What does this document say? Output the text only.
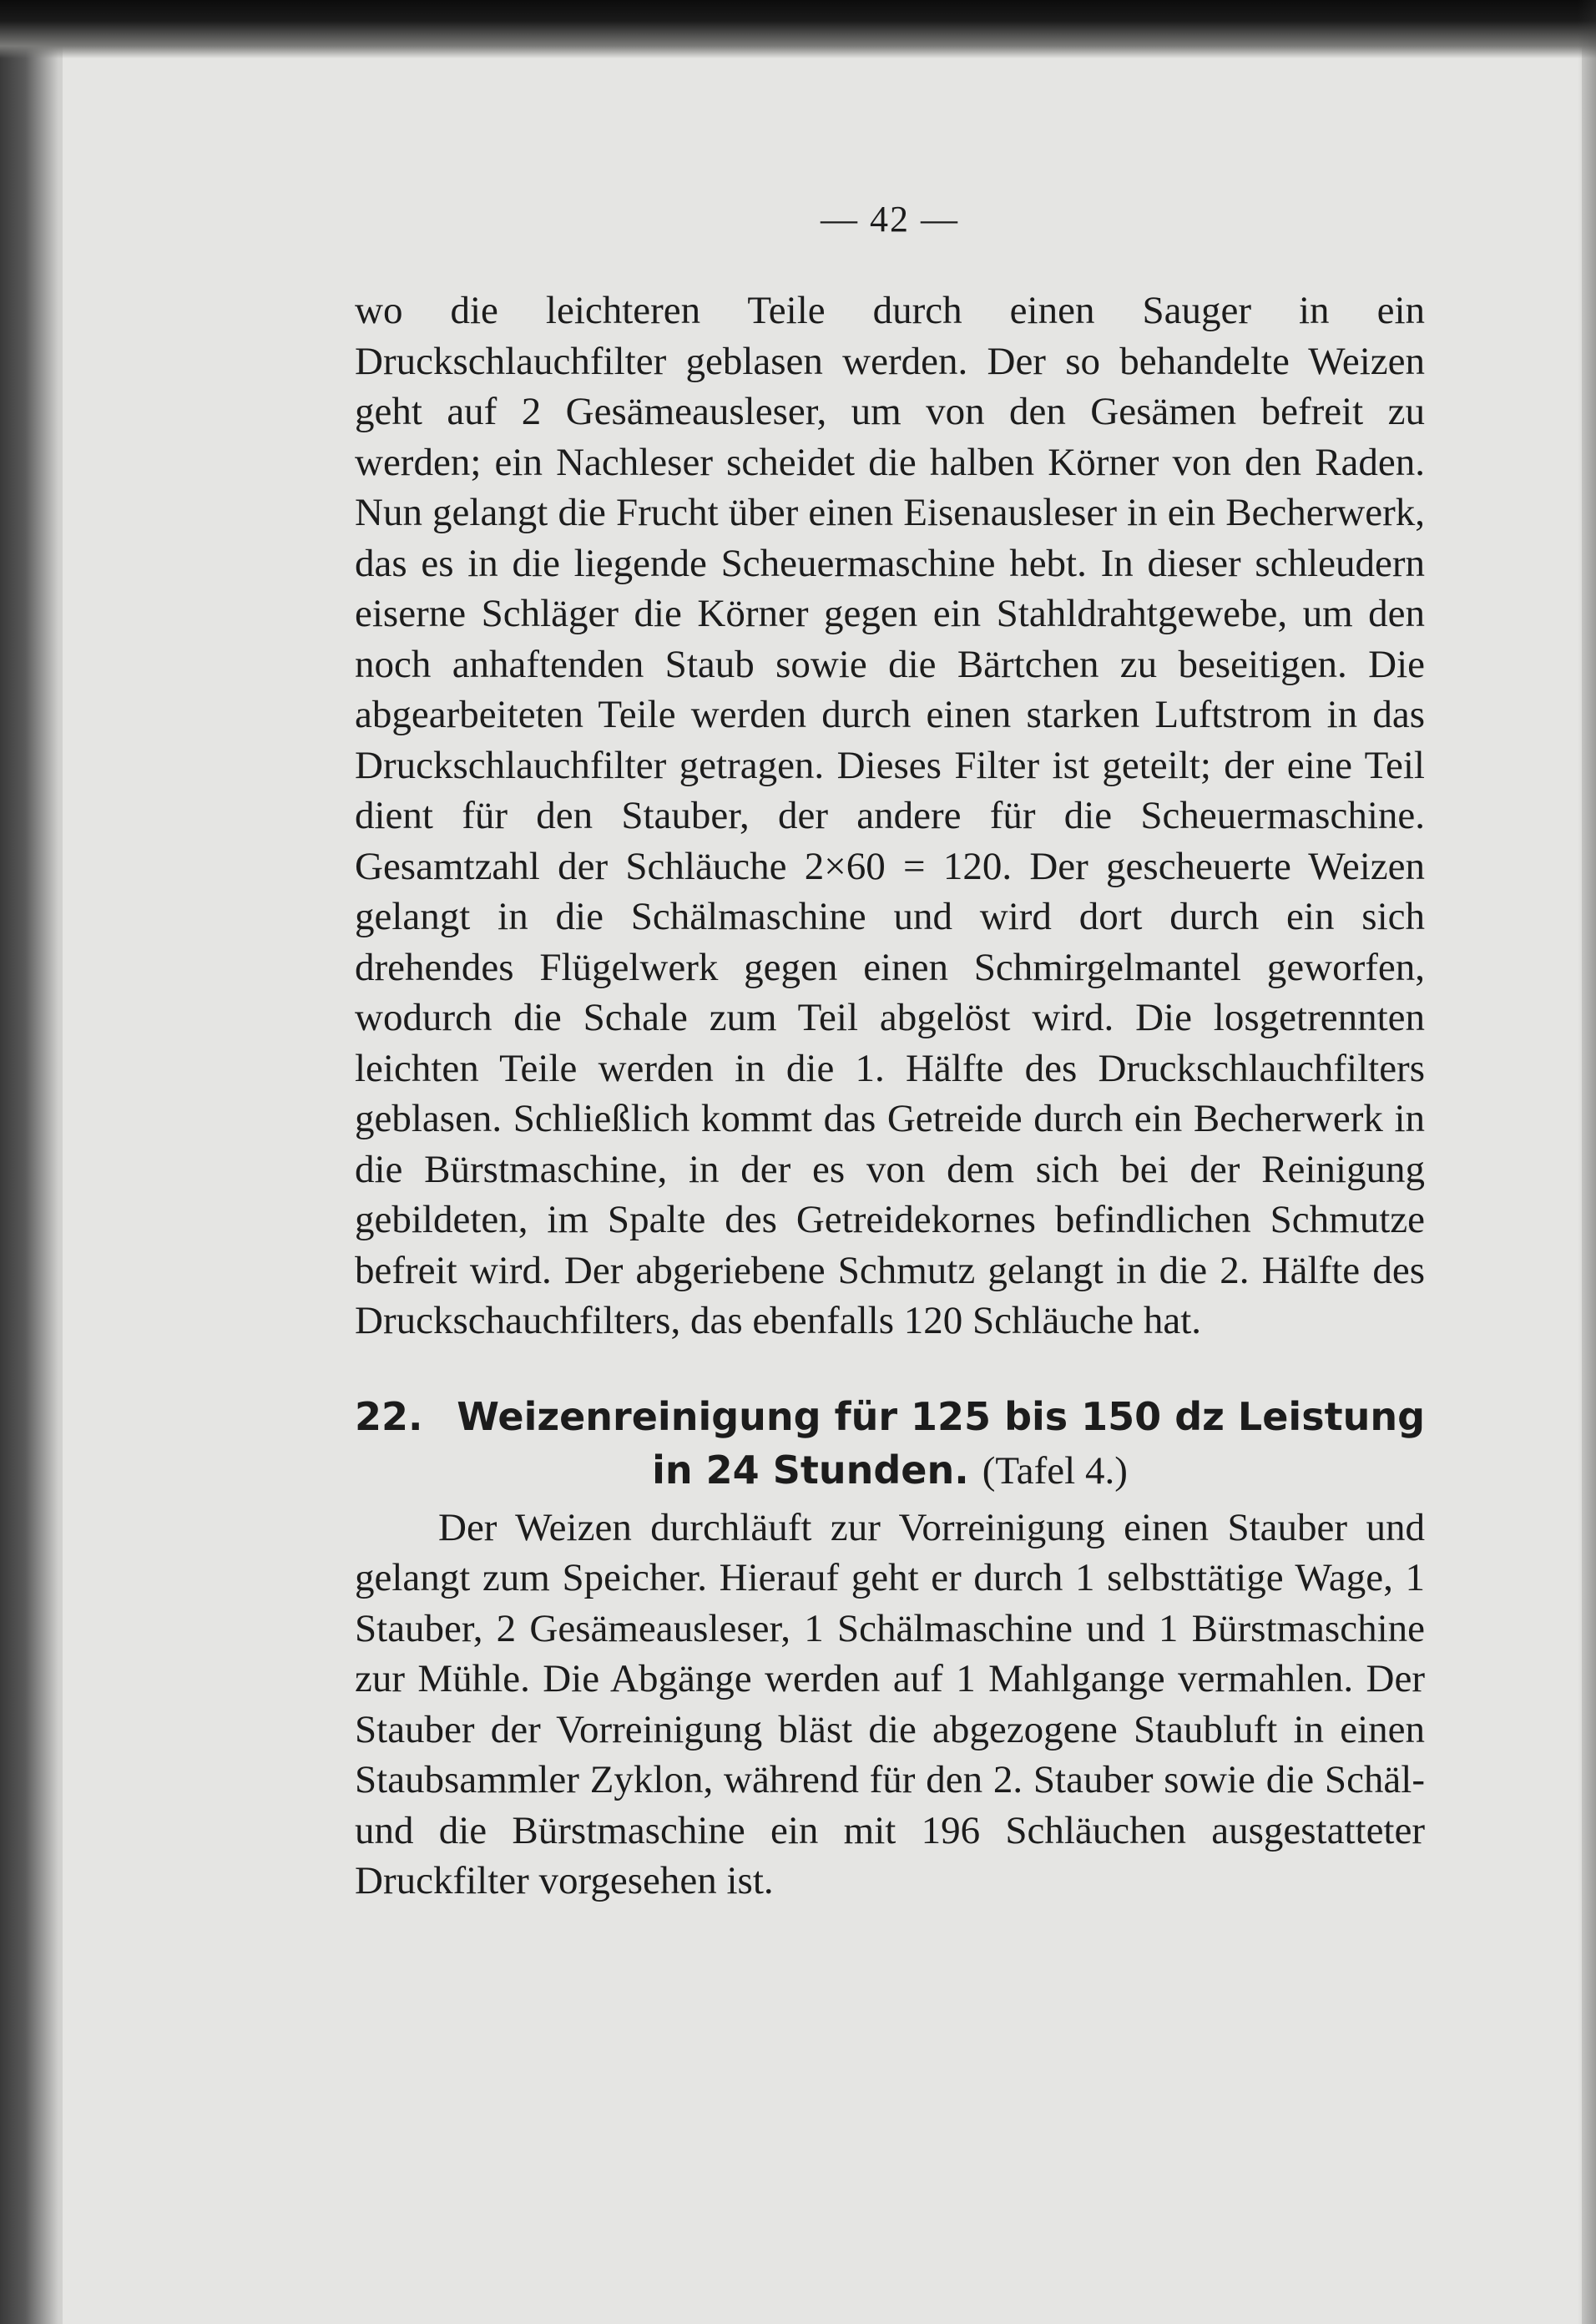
— 42 —

wo die leichteren Teile durch einen Sauger in ein Druckschlauchfilter geblasen werden. Der so behandelte Weizen geht auf 2 Gesämeausleser, um von den Gesämen befreit zu werden; ein Nachleser scheidet die halben Körner von den Raden. Nun gelangt die Frucht über einen Eisenausleser in ein Becherwerk, das es in die liegende Scheuermaschine hebt. In dieser schleudern eiserne Schläger die Körner gegen ein Stahldrahtgewebe, um den noch anhaftenden Staub sowie die Bärtchen zu beseitigen. Die abgearbeiteten Teile werden durch einen starken Luftstrom in das Druckschlauchfilter getragen. Dieses Filter ist geteilt; der eine Teil dient für den Stauber, der andere für die Scheuermaschine. Gesamtzahl der Schläuche 2×60 = 120. Der gescheuerte Weizen gelangt in die Schälmaschine und wird dort durch ein sich drehendes Flügelwerk gegen einen Schmirgelmantel geworfen, wodurch die Schale zum Teil abgelöst wird. Die losgetrennten leichten Teile werden in die 1. Hälfte des Druckschlauchfilters geblasen. Schließlich kommt das Getreide durch ein Becherwerk in die Bürstmaschine, in der es von dem sich bei der Reinigung gebildeten, im Spalte des Getreidekornes befindlichen Schmutze befreit wird. Der abgeriebene Schmutz gelangt in die 2. Hälfte des Druckschauchfilters, das ebenfalls 120 Schläuche hat.

22. Weizenreinigung für 125 bis 150 dz Leistung
in 24 Stunden. (Tafel 4.)

Der Weizen durchläuft zur Vorreinigung einen Stauber und gelangt zum Speicher. Hierauf geht er durch 1 selbsttätige Wage, 1 Stauber, 2 Gesämeausleser, 1 Schälmaschine und 1 Bürstmaschine zur Mühle. Die Abgänge werden auf 1 Mahlgange vermahlen. Der Stauber der Vorreinigung bläst die abgezogene Staubluft in einen Staubsammler Zyklon, während für den 2. Stauber sowie die Schäl- und die Bürstmaschine ein mit 196 Schläuchen ausgestatteter Druckfilter vorgesehen ist.
